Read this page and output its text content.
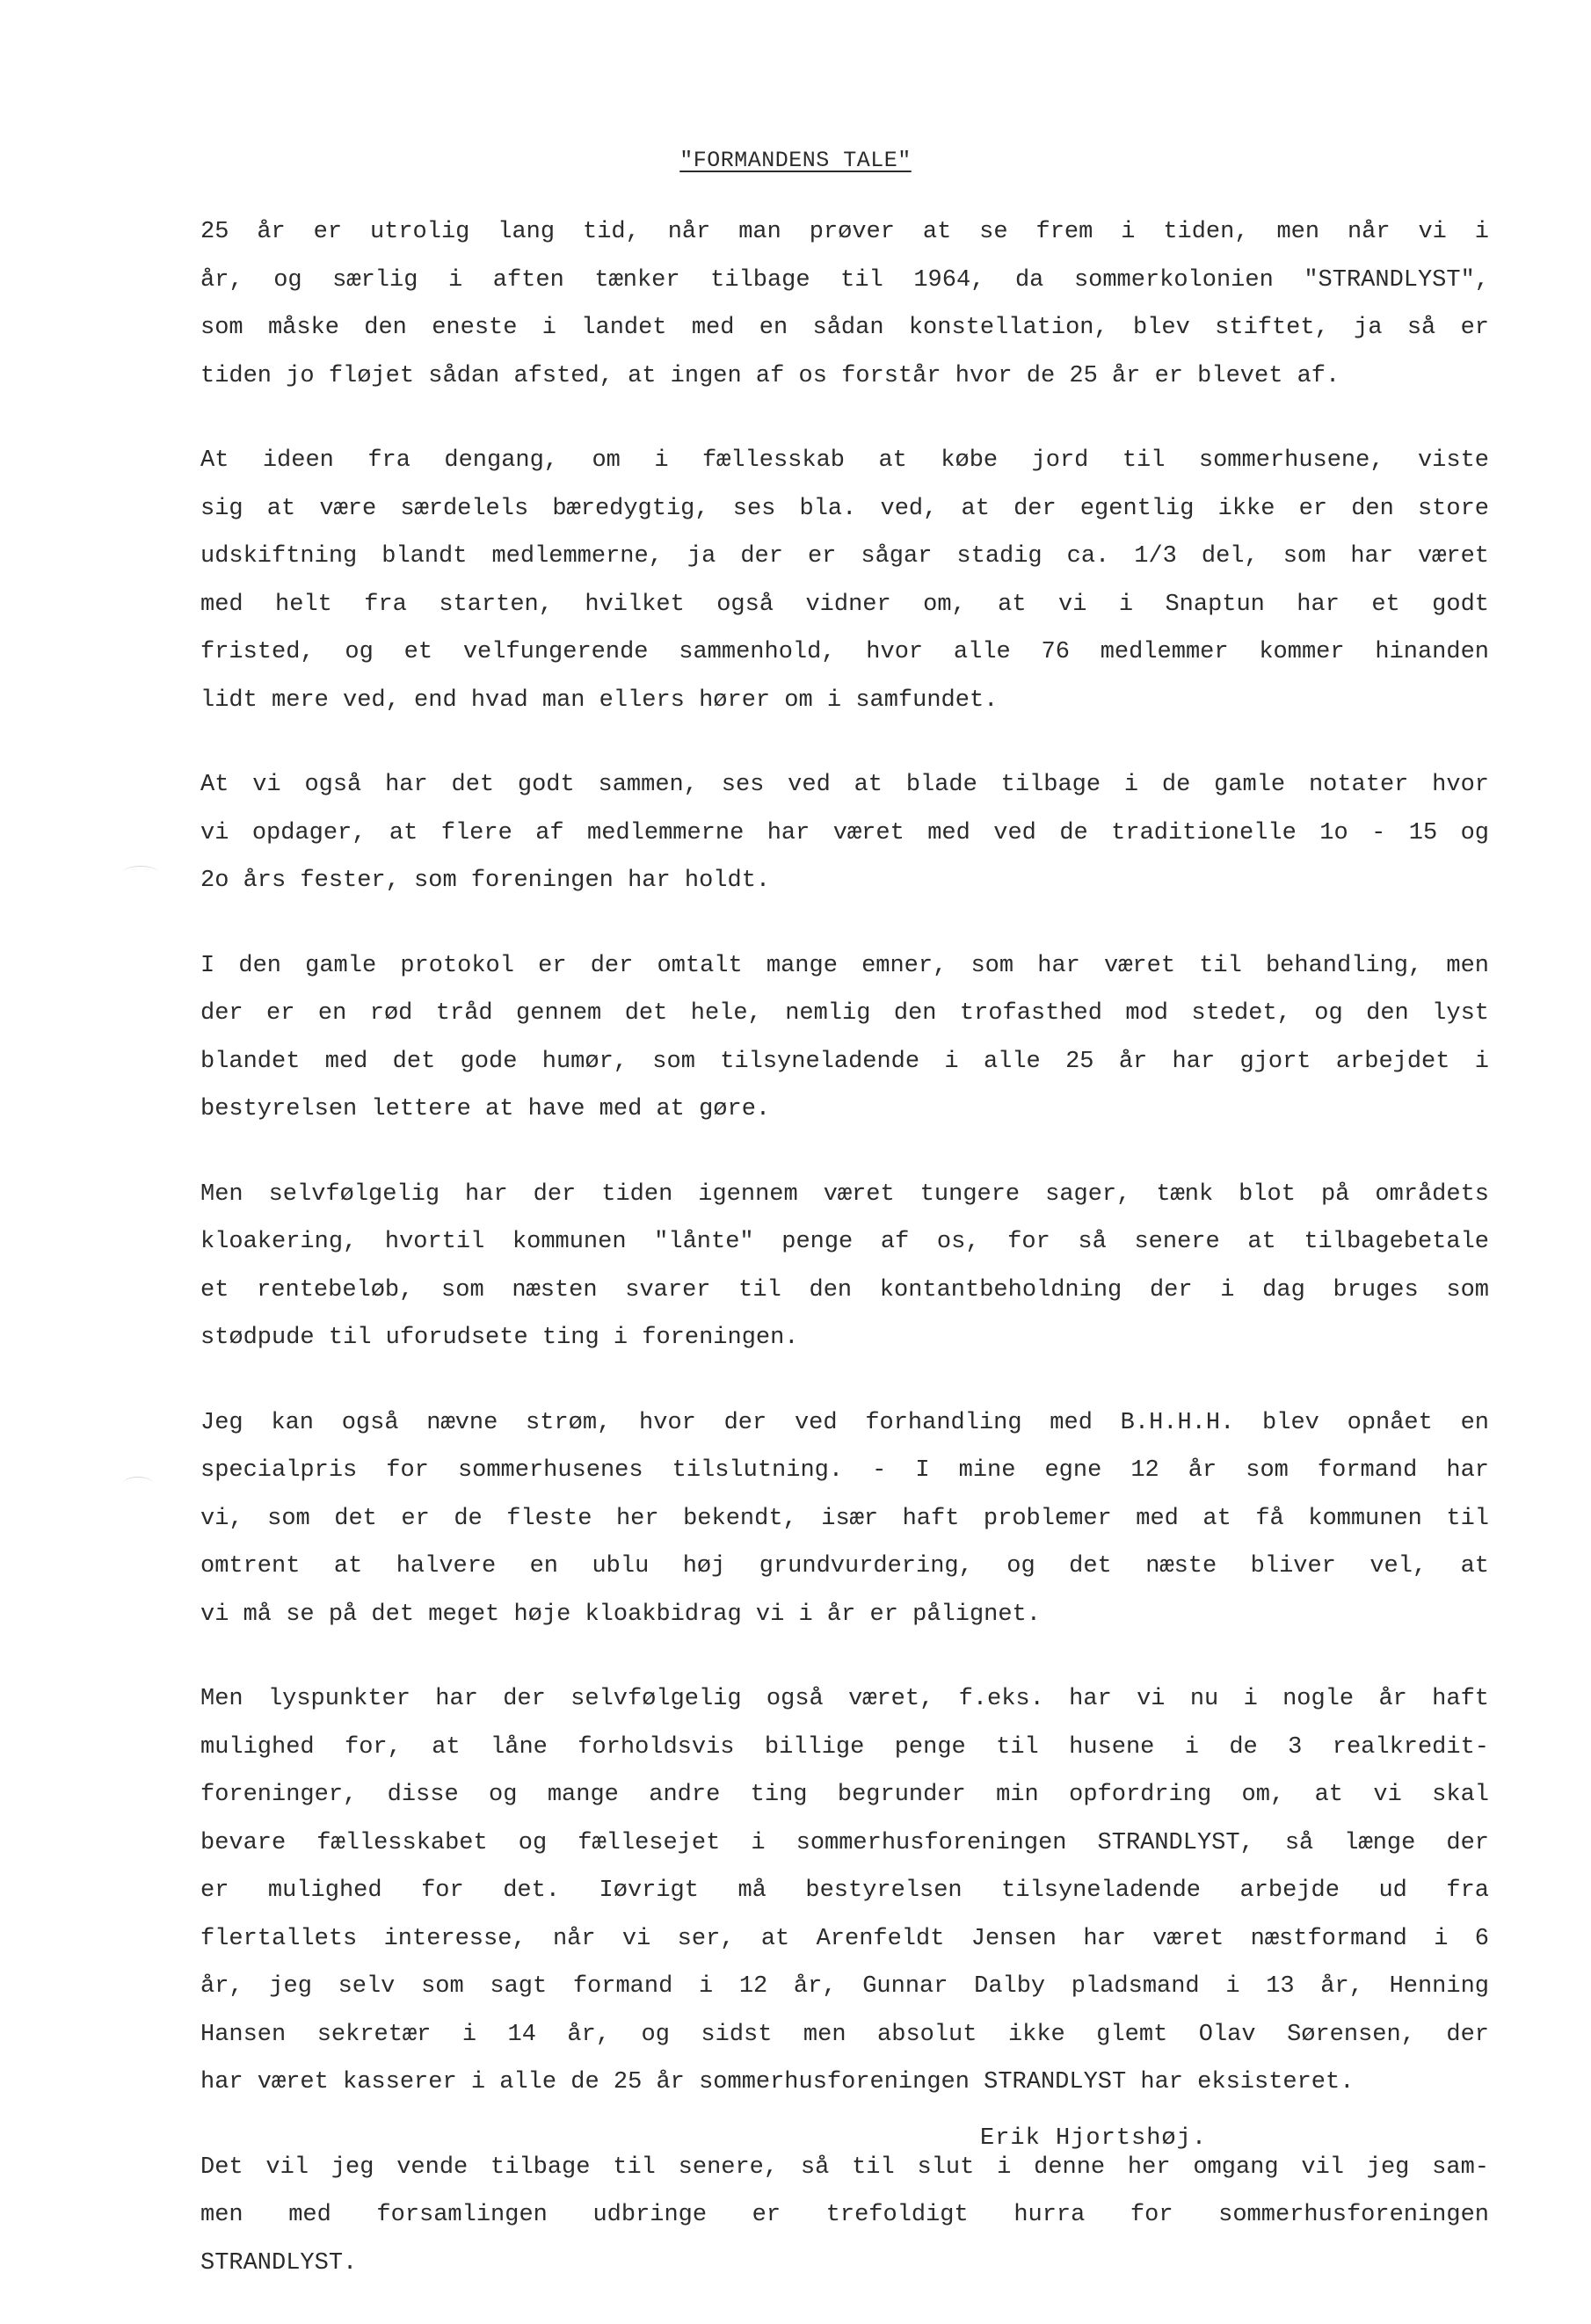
"FORMANDENS TALE"
25 år er utrolig lang tid, når man prøver at se frem i tiden, men når vi i
år, og særlig i aften tænker tilbage til 1964, da sommerkolonien "STRANDLYST",
som måske den eneste i landet med en sådan konstellation, blev stiftet, ja så er
tiden jo fløjet sådan afsted, at ingen af os forstår hvor de 25 år er blevet af.
At ideen fra dengang, om i fællesskab at købe jord til sommerhusene, viste
sig at være særdelels bæredygtig, ses bla. ved, at der egentlig ikke er den store
udskiftning blandt medlemmerne, ja der er sågar stadig ca. 1/3 del, som har været
med helt fra starten, hvilket også vidner om, at vi i Snaptun har et godt
fristed, og et velfungerende sammenhold, hvor alle 76 medlemmer kommer hinanden
lidt mere ved, end hvad man ellers hører om i samfundet.
At vi også har det godt sammen, ses ved at blade tilbage i de gamle notater hvor
vi opdager, at flere af medlemmerne har været med ved de traditionelle 1o - 15 og
2o års fester, som foreningen har holdt.
I den gamle protokol er der omtalt mange emner, som har været til behandling, men
der er en rød tråd gennem det hele, nemlig den trofasthed mod stedet, og den lyst
blandet med det gode humør, som tilsyneladende i alle 25 år har gjort arbejdet i
bestyrelsen lettere at have med at gøre.
Men selvfølgelig har der tiden igennem været tungere sager, tænk blot på områdets
kloakering, hvortil kommunen "lånte" penge af os, for så senere at tilbagebetale
et rentebeløb, som næsten svarer til den kontantbeholdning der i dag bruges som
stødpude til uforudsete ting i foreningen.
Jeg kan også nævne strøm, hvor der ved forhandling med B.H.H.H. blev opnået en
specialpris for sommerhusenes tilslutning. - I mine egne 12 år som formand har
vi, som det er de fleste her bekendt, især haft problemer med at få kommunen til
omtrent at halvere en ublu høj grundvurdering, og det næste bliver vel, at
vi må se på det meget høje kloakbidrag vi i år er pålignet.
Men lyspunkter har der selvfølgelig også været, f.eks. har vi nu i nogle år haft
mulighed for, at låne forholdsvis billige penge til husene i de 3 realkredit-
foreninger, disse og mange andre ting begrunder min opfordring om, at vi skal
bevare fællesskabet og fællesejet i sommerhusforeningen STRANDLYST, så længe der
er mulighed for det. Iøvrigt må bestyrelsen tilsyneladende arbejde ud fra
flertallets interesse, når vi ser, at Arenfeldt Jensen har været næstformand i 6
år, jeg selv som sagt formand i 12 år, Gunnar Dalby pladsmand i 13 år, Henning
Hansen sekretær i 14 år, og sidst men absolut ikke glemt Olav Sørensen, der
har været kasserer i alle de 25 år sommerhusforeningen STRANDLYST har eksisteret.
Det vil jeg vende tilbage til senere, så til slut i denne her omgang vil jeg sam-
men med forsamlingen udbringe er trefoldigt hurra for sommerhusforeningen
STRANDLYST.
Erik Hjortshøj.
